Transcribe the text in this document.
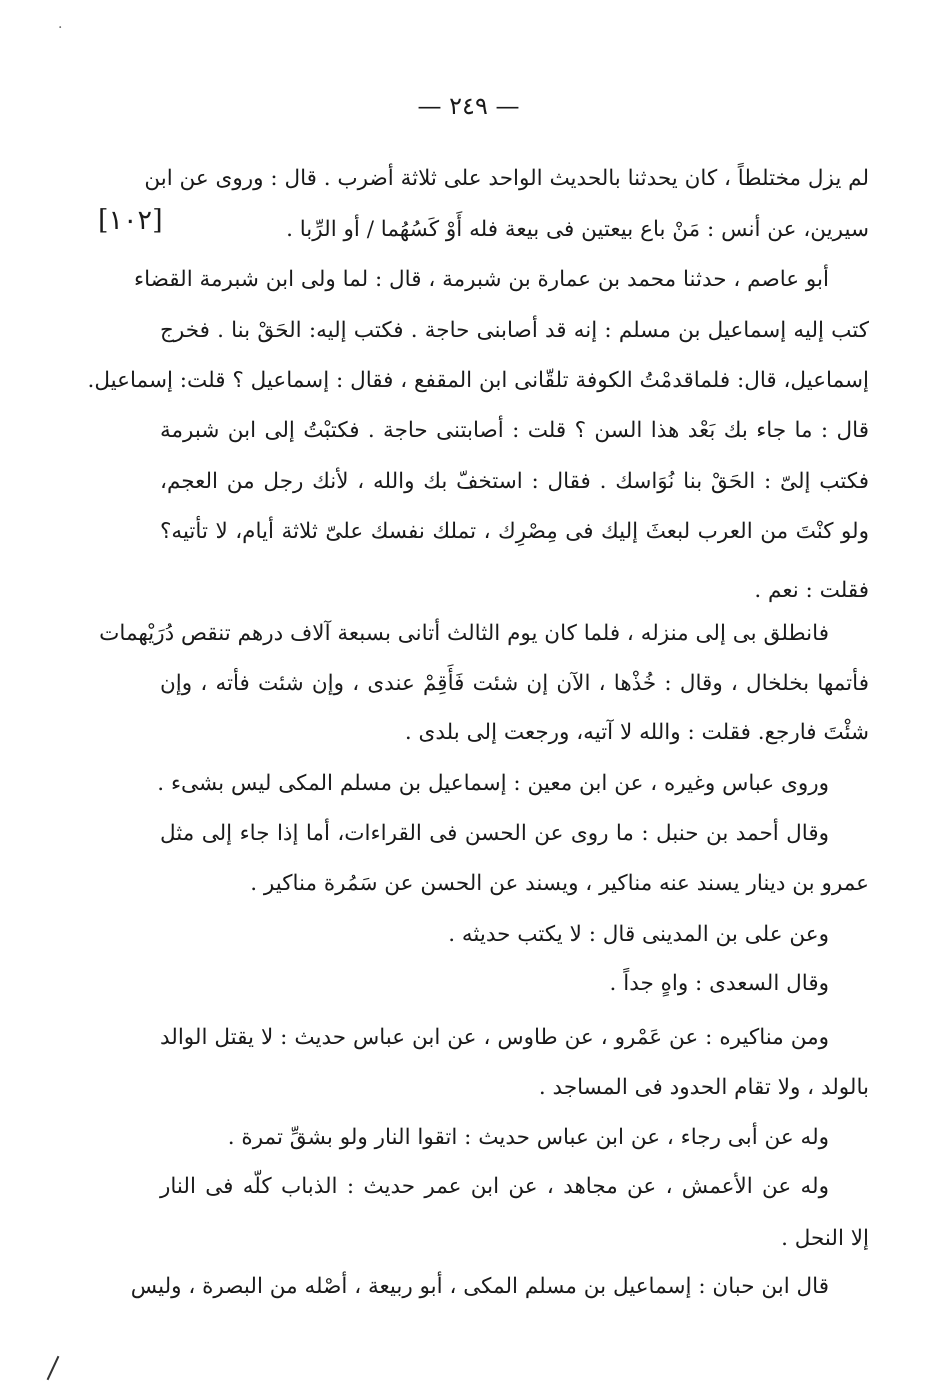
·
— ٢٤٩ —
[١٠٢]
لم يزل مختلطاً ، كان يحدثنا بالحديث الواحد على ثلاثة أضرب . قال : وروى عن ابن
سيرين، عن أنس : مَنْ باع بيعتين فى بيعة فله أَوْ كَسُهُما / أو الرِّبا .
أبو عاصم ، حدثنا محمد بن عمارة بن شبرمة ، قال : لما ولى ابن شبرمة القضاء
كتب إليه إسماعيل بن مسلم : إنه قد أصابنى حاجة . فكتب إليه: الحَقْ بنا . فخرج
إسماعيل، قال: فلماقدمْتُ الكوفة تلقّانى ابن المقفع ، فقال : إسماعيل ؟ قلت: إسماعيل.
قال : ما جاء بك بَعْد هذا السن ؟ قلت : أصابتنى حاجة . فكتبْتُ إلى ابن شبرمة
فكتب إلىّ : الحَقْ بنا نُوَاسك . فقال : استخفّ بك والله ، لأنك رجل من العجم،
ولو كنْتَ من العرب لبعثَ إليك فى مِصْرِك ، تملك نفسك علىّ ثلاثة أيام، لا تأتيه؟
فقلت : نعم .
فانطلق بى إلى منزله ، فلما كان يوم الثالث أتانى بسبعة آلاف درهم تنقص دُرَيْهمات
فأتمها بخلخال ، وقال : خُذْها ، الآن إن شئت فَأَقِمْ عندى ، وإن شئت فأته ، وإن
شئْتَ فارجع. فقلت : والله لا آتيه، ورجعت إلى بلدى .
وروى عباس وغيره ، عن ابن معين : إسماعيل بن مسلم المكى ليس بشىء .
وقال أحمد بن حنبل : ما روى عن الحسن فى القراءات، أما إذا جاء إلى مثل
عمرو بن دينار يسند عنه مناكير ، ويسند عن الحسن عن سَمُرة مناكير .
وعن على بن المدينى قال : لا يكتب حديثه .
وقال السعدى : واهٍ جداً .
ومن مناكيره : عن عَمْرو ، عن طاوس ، عن ابن عباس حديث : لا يقتل الوالد
بالولد ، ولا تقام الحدود فى المساجد .
وله عن أبى رجاء ، عن ابن عباس حديث : اتقوا النار ولو بشقِّ تمرة .
وله عن الأعمش ، عن مجاهد ، عن ابن عمر حديث : الذباب كلّه فى النار
إلا النحل .
قال ابن حبان : إسماعيل بن مسلم المكى ، أبو ربيعة ، أصْله من البصرة ، وليس
